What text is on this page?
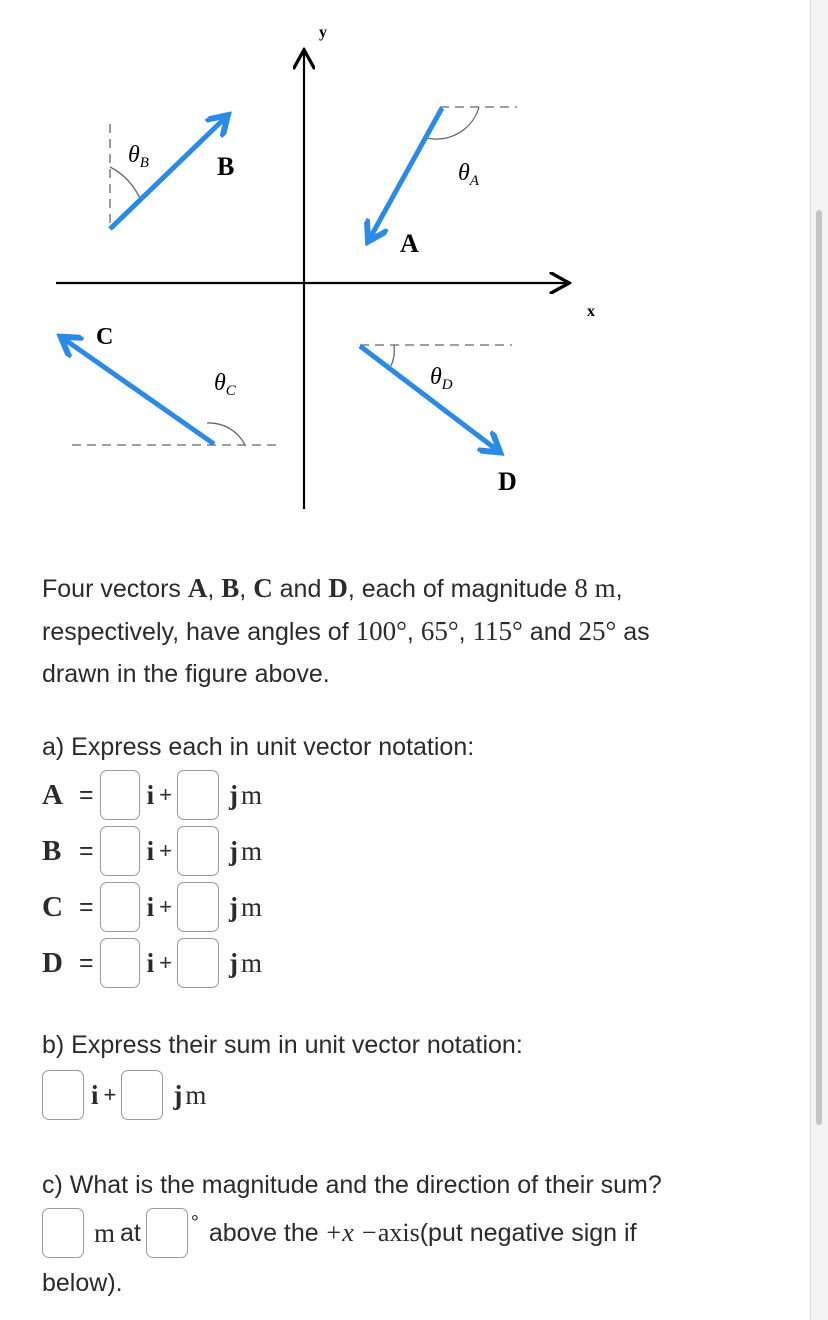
y
x
A
B
C
D
$\theta_B$	$\theta_A$
$\theta_C$
$\theta_D$

Four vectors A, B, C and D, each of magnitude 8 m,
respectively, have angles of 100°, 65°, 115° and 25° as
drawn in the figure above.

a) Express each in unit vector notation:

A = i + j m
B = i + j m
C = i + j m
D = i + j m

b) Express their sum in unit vector notation:

i + j m

c) What is the magnitude and the direction of their sum?

m at	° above the +x − axis (put negative sign if

below).
